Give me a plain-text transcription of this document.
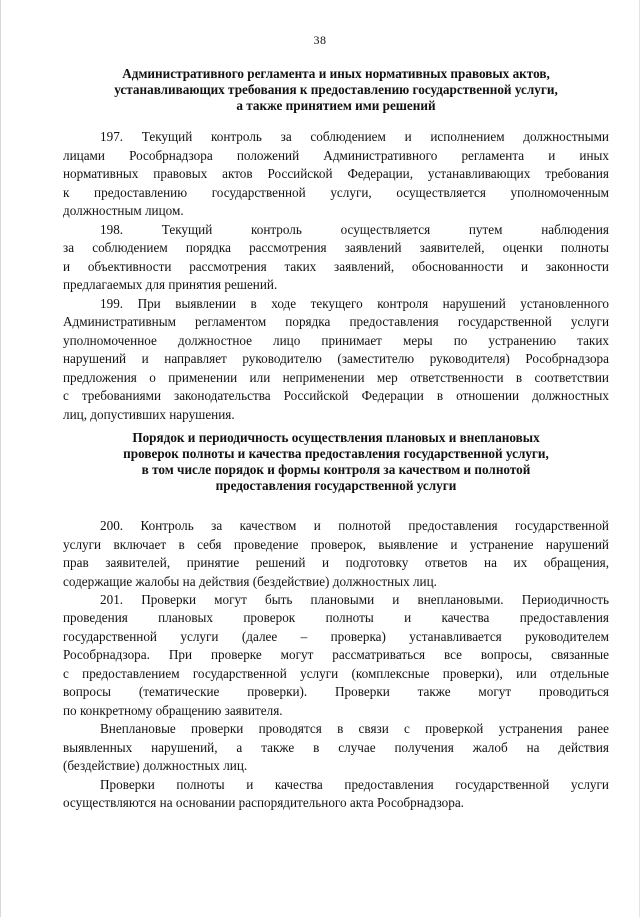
38
Административного регламента и иных нормативных правовых актов,
устанавливающих требования к предоставлению государственной услуги,
а также принятием ими решений
197. Текущий контроль за соблюдением и исполнением должностными
лицами Рособрнадзора положений Административного регламента и иных
нормативных правовых актов Российской Федерации, устанавливающих требования
к предоставлению государственной услуги, осуществляется уполномоченным
должностным лицом.
198. Текущий контроль осуществляется путем наблюдения
за соблюдением порядка рассмотрения заявлений заявителей, оценки полноты
и объективности рассмотрения таких заявлений, обоснованности и законности
предлагаемых для принятия решений.
199. При выявлении в ходе текущего контроля нарушений установленного
Административным регламентом порядка предоставления государственной услуги
уполномоченное должностное лицо принимает меры по устранению таких
нарушений и направляет руководителю (заместителю руководителя) Рособрнадзора
предложения о применении или неприменении мер ответственности в соответствии
с требованиями законодательства Российской Федерации в отношении должностных
лиц, допустивших нарушения.
Порядок и периодичность осуществления плановых и внеплановых
проверок полноты и качества предоставления государственной услуги,
в том числе порядок и формы контроля за качеством и полнотой
предоставления государственной услуги
200. Контроль за качеством и полнотой предоставления государственной
услуги включает в себя проведение проверок, выявление и устранение нарушений
прав заявителей, принятие решений и подготовку ответов на их обращения,
содержащие жалобы на действия (бездействие) должностных лиц.
201. Проверки могут быть плановыми и внеплановыми. Периодичность
проведения плановых проверок полноты и качества предоставления
государственной услуги (далее – проверка) устанавливается руководителем
Рособрнадзора. При проверке могут рассматриваться все вопросы, связанные
с предоставлением государственной услуги (комплексные проверки), или отдельные
вопросы (тематические проверки). Проверки также могут проводиться
по конкретному обращению заявителя.
Внеплановые проверки проводятся в связи с проверкой устранения ранее
выявленных нарушений, а также в случае получения жалоб на действия
(бездействие) должностных лиц.
Проверки полноты и качества предоставления государственной услуги
осуществляются на основании распорядительного акта Рособрнадзора.
